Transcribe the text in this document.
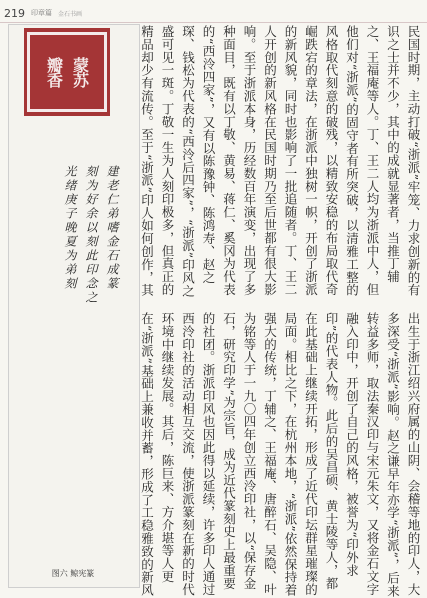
219 印章篇 金石书画
瓣香 蒙苏
建老仁弟嗜金石成篆
刻为好余以刻此印念之
光绪庚子晚夏为弟刻
图六 鲸宪篆
民国时期，主动打破“浙派”牢笼、力求创新的有识之士并不少，其中的成就显著者，当推丁辅之、王福庵等人。丁、王二人均为浙派中人，但他们对“浙派”的固守者有所突破，以清雅工整的风格取代刻意的破残，以精致安稳的布局取代奇崛跌宕的章法，在浙派中独树一帜，开创了浙派的新风貌，同时也影响了一批追随者。丁、王二人开创的新风格在民国时期乃至后世都有很大影响。至于浙派本身，历经数百年演变，出现了多种面目，既有以丁敬、黄易、蒋仁、奚冈为代表的“西泠四家”，又有以陈豫钟、陈鸿寿、赵之琛、钱松为代表的“西泠后四家”，“浙派”印风之盛可见一斑。丁敬一生为人刻印极多，但真正的精品却少有流传。至于“浙派”印人如何创作，其
出生于浙江绍兴府属的山阴、会稽等地的印人，大多深受“浙派”影响。赵之谦早年亦学“浙派”，后来转益多师，取法秦汉印与宋元朱文，又将金石文字融入印中，开创了自己的风格，被誉为“印外求印”的代表人物。此后的吴昌硕、黄士陵等人，都在此基础上继续开拓，形成了近代印坛群星璀璨的局面。相比之下，在杭州本地，“浙派”依然保持着强大的传统，丁辅之、王福庵、唐醉石、吴隐、叶为铭等人于一九〇四年创立西泠印社，以“保存金石，研究印学”为宗旨，成为近代篆刻史上最重要的社团。浙派印风也因此得以延续，许多印人通过西泠印社的活动相互交流，使浙派篆刻在新的时代环境中继续发展。其后，陈巨来、方介堪等人更在“浙派”基础上兼收并蓄，形成了工稳雅致的新风
